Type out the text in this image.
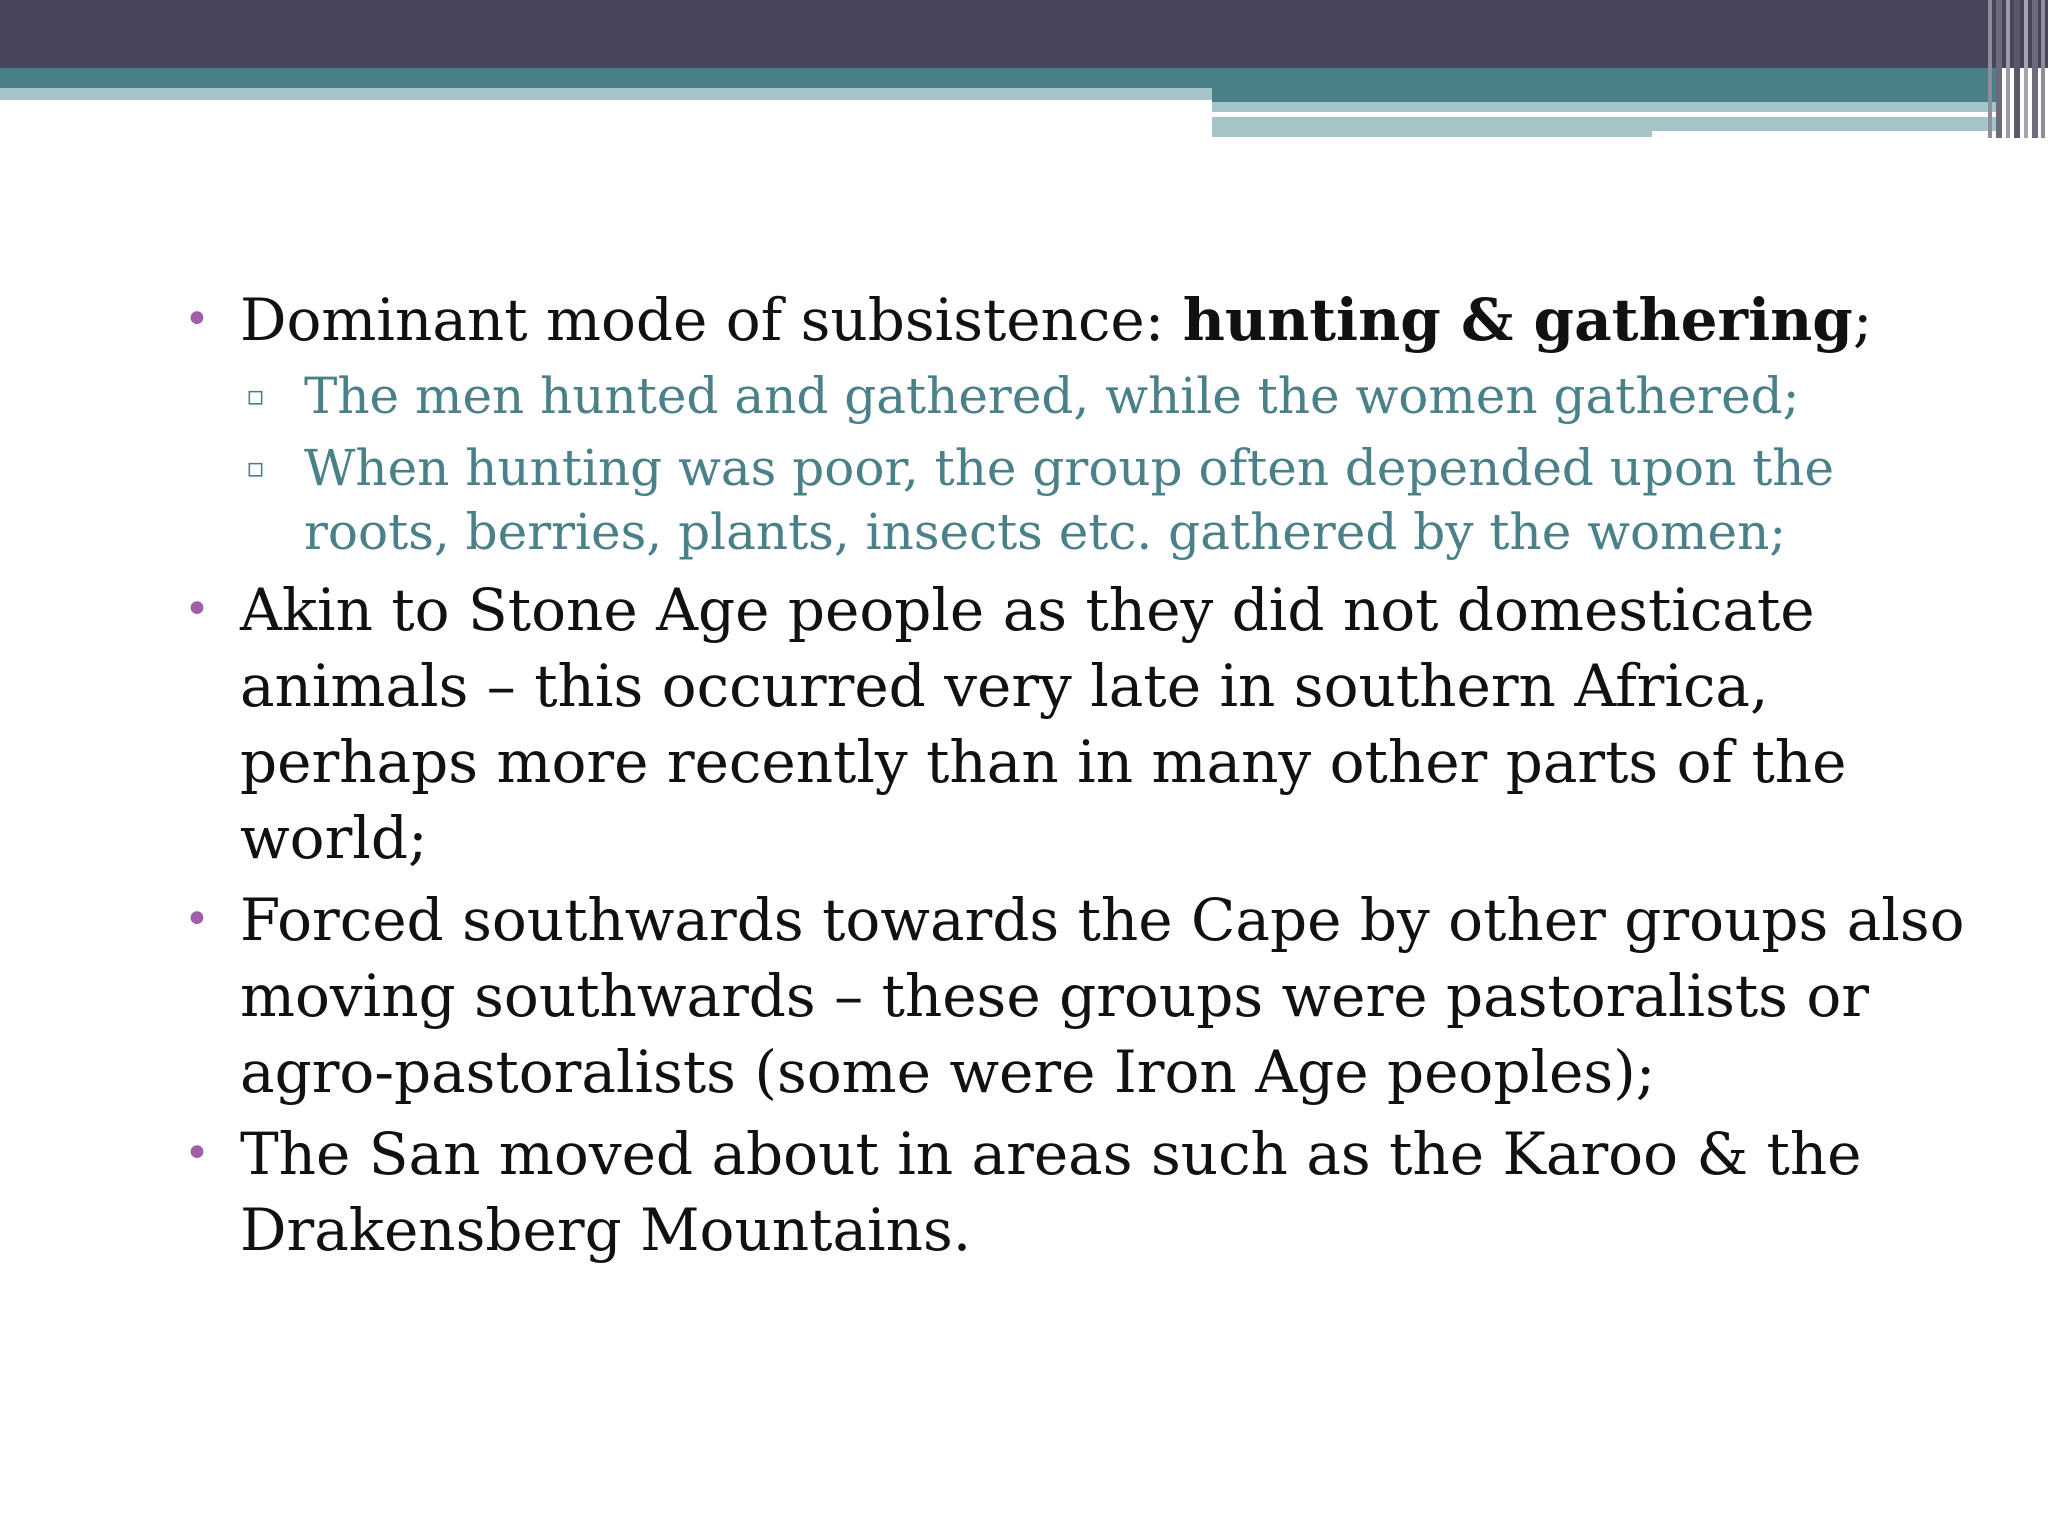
• Dominant mode of subsistence: hunting & gathering;
▫ The men hunted and gathered, while the women gathered;
▫ When hunting was poor, the group often depended upon the roots, berries, plants, insects etc. gathered by the women;
• Akin to Stone Age people as they did not domesticate animals – this occurred very late in southern Africa, perhaps more recently than in many other parts of the world;
• Forced southwards towards the Cape by other groups also moving southwards – these groups were pastoralists or agro-pastoralists (some were Iron Age peoples);
• The San moved about in areas such as the Karoo & the Drakensberg Mountains.
